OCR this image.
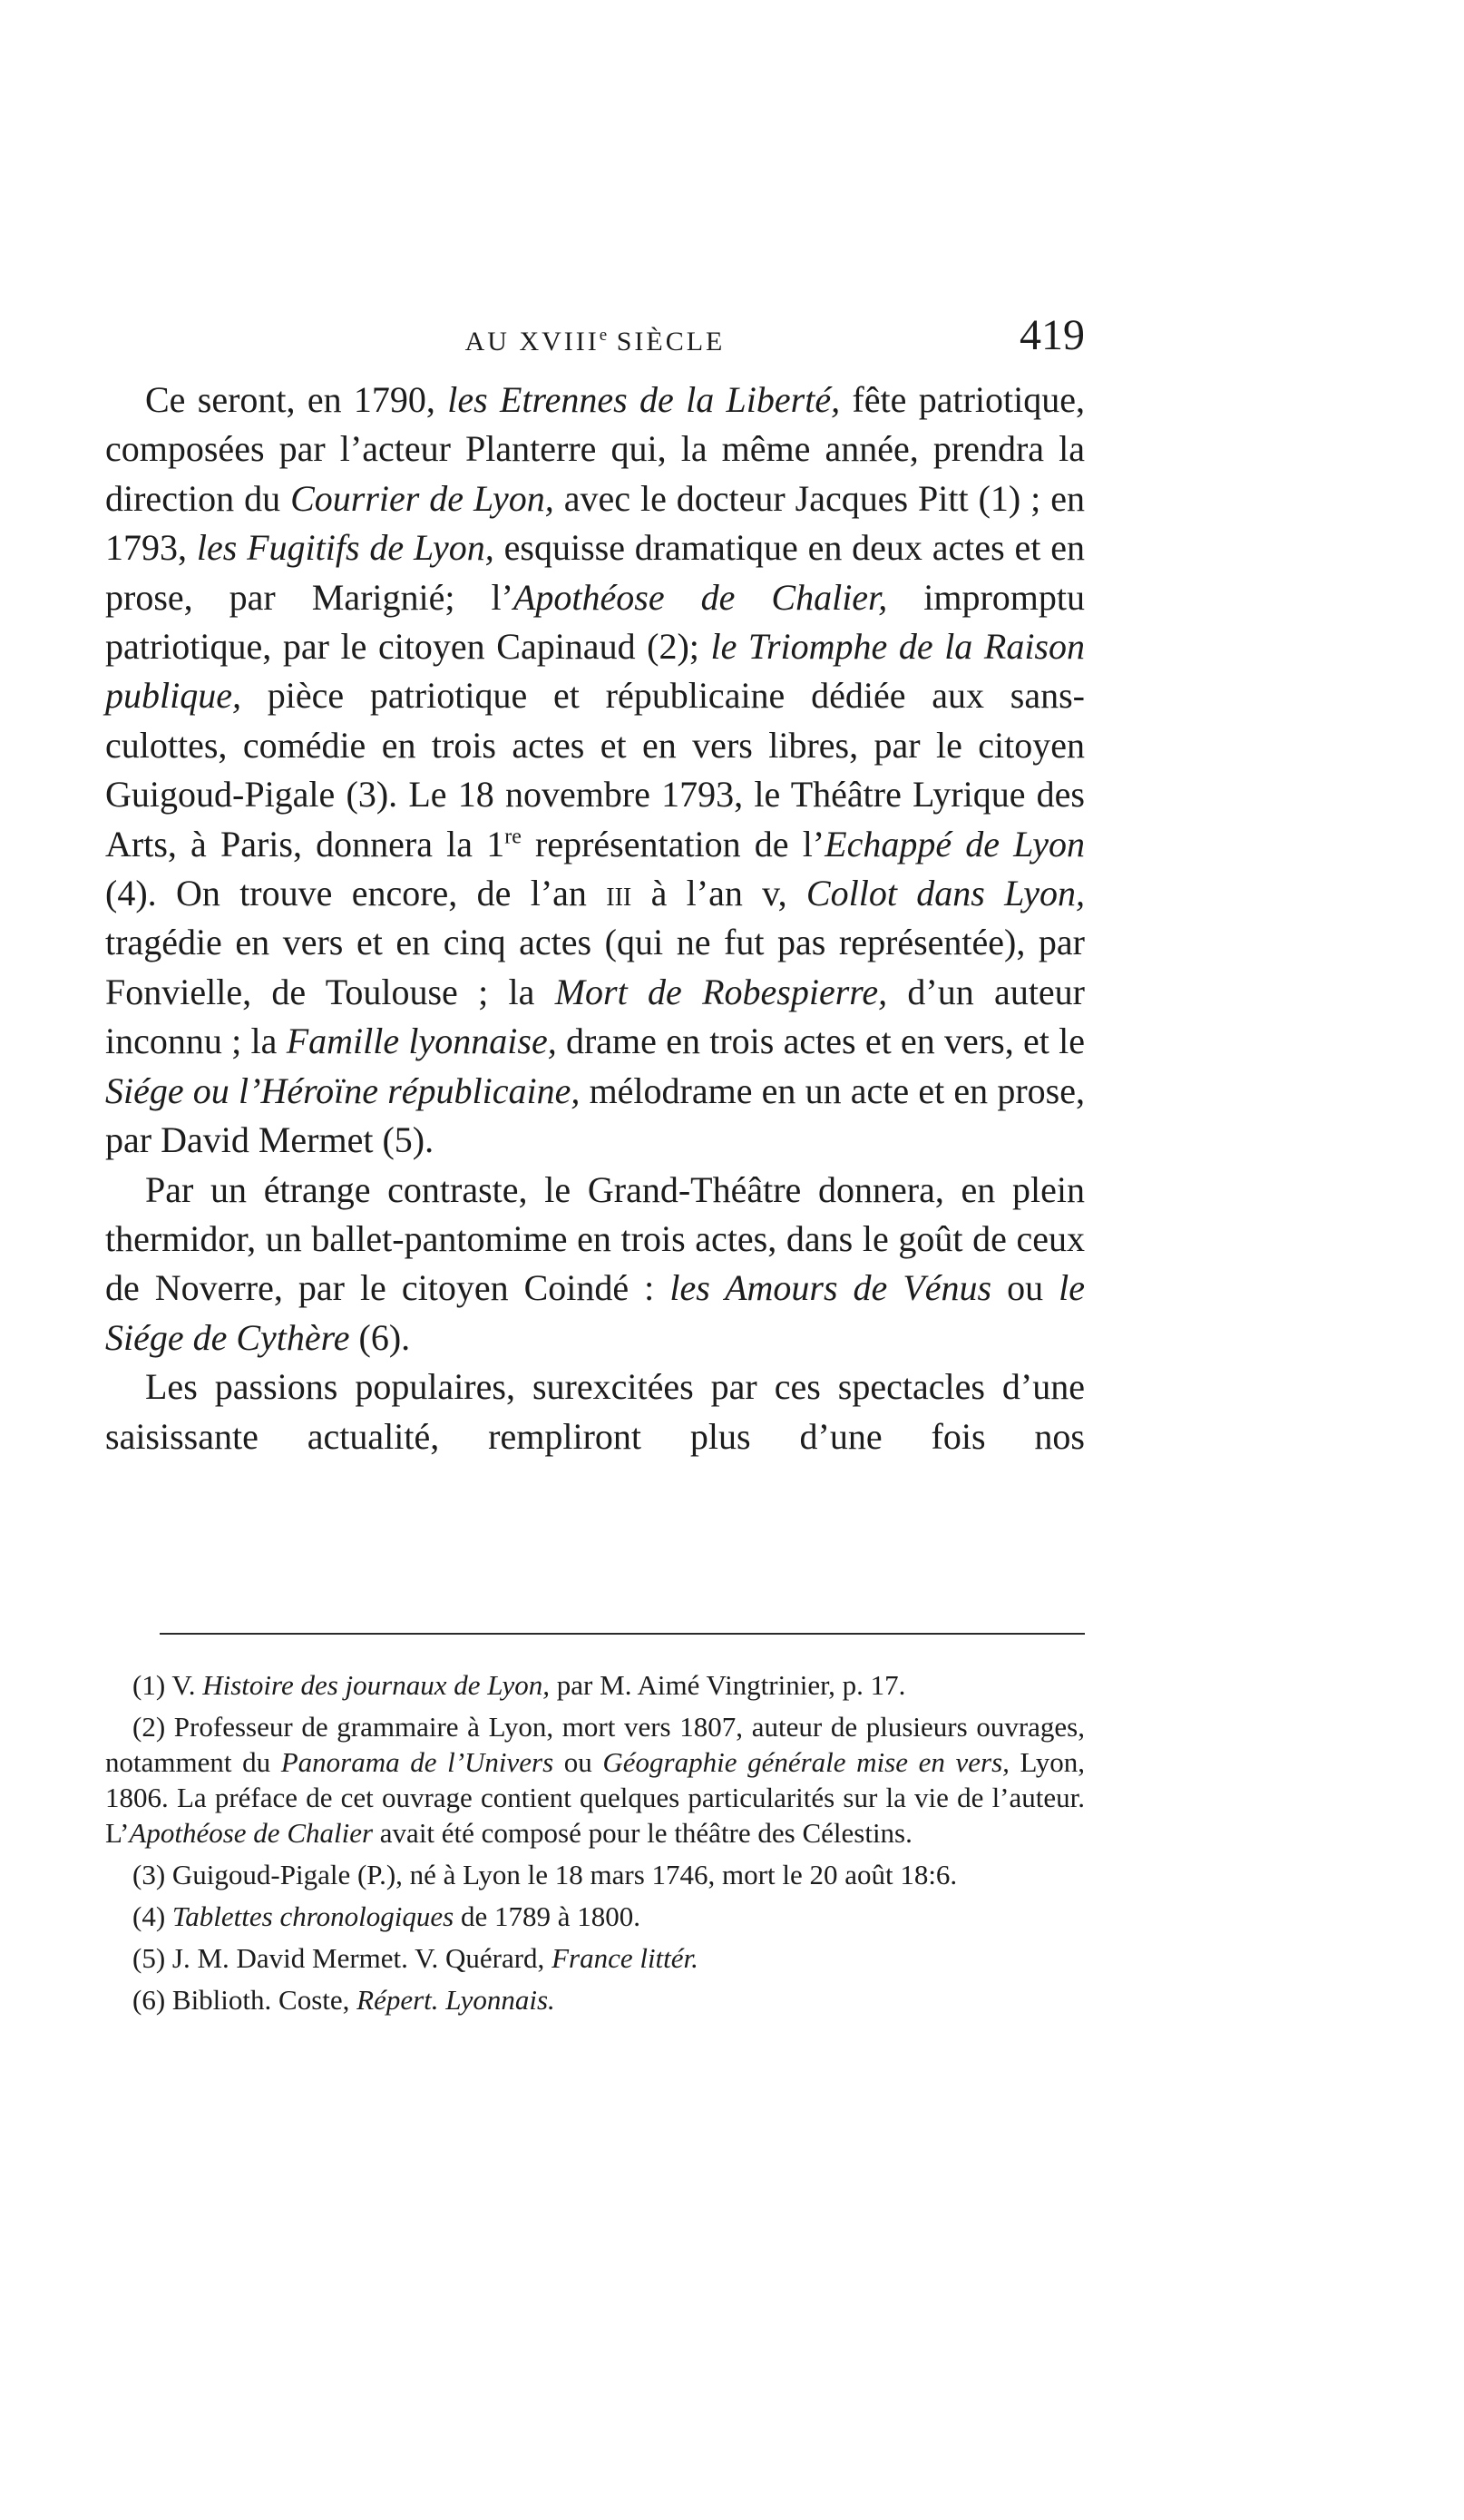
AU XVIIIe SIÈCLE	419

Ce seront, en 1790, les Etrennes de la Liberté, fête patriotique, composées par l’acteur Planterre qui, la même année, prendra la direction du Courrier de Lyon, avec le docteur Jacques Pitt (1) ; en 1793, les Fugitifs de Lyon, esquisse dramatique en deux actes et en prose, par Marignié; l’Apothéose de Chalier, impromptu patriotique, par le citoyen Capinaud (2); le Triomphe de la Raison publique, pièce patriotique et républicaine dédiée aux sans-culottes, comédie en trois actes et en vers libres, par le citoyen Guigoud-Pigale (3). Le 18 novembre 1793, le Théâtre Lyrique des Arts, à Paris, donnera la 1re représentation de l’Echappé de Lyon (4). On trouve encore, de l’an iii à l’an v, Collot dans Lyon, tragédie en vers et en cinq actes (qui ne fut pas représentée), par Fonvielle, de Toulouse ; la Mort de Robespierre, d’un auteur inconnu ; la Famille lyonnaise, drame en trois actes et en vers, et le Siége ou l’Héroïne républicaine, mélodrame en un acte et en prose, par David Mermet (5).

Par un étrange contraste, le Grand-Théâtre donnera, en plein thermidor, un ballet-pantomime en trois actes, dans le goût de ceux de Noverre, par le citoyen Coindé : les Amours de Vénus ou le Siége de Cythère (6).

Les passions populaires, surexcitées par ces spectacles d’une saisissante actualité, rempliront plus d’une fois nos

(1) V. Histoire des journaux de Lyon, par M. Aimé Vingtrinier, p. 17.

(2) Professeur de grammaire à Lyon, mort vers 1807, auteur de plusieurs ouvrages, notamment du Panorama de l’Univers ou Géographie générale mise en vers, Lyon, 1806. La préface de cet ouvrage contient quelques particularités sur la vie de l’auteur. L’Apothéose de Chalier avait été composé pour le théâtre des Célestins.

(3) Guigoud-Pigale (P.), né à Lyon le 18 mars 1746, mort le 20 août 18:6.

(4) Tablettes chronologiques de 1789 à 1800.

(5) J. M. David Mermet. V. Quérard, France littér.

(6) Biblioth. Coste, Répert. Lyonnais.
